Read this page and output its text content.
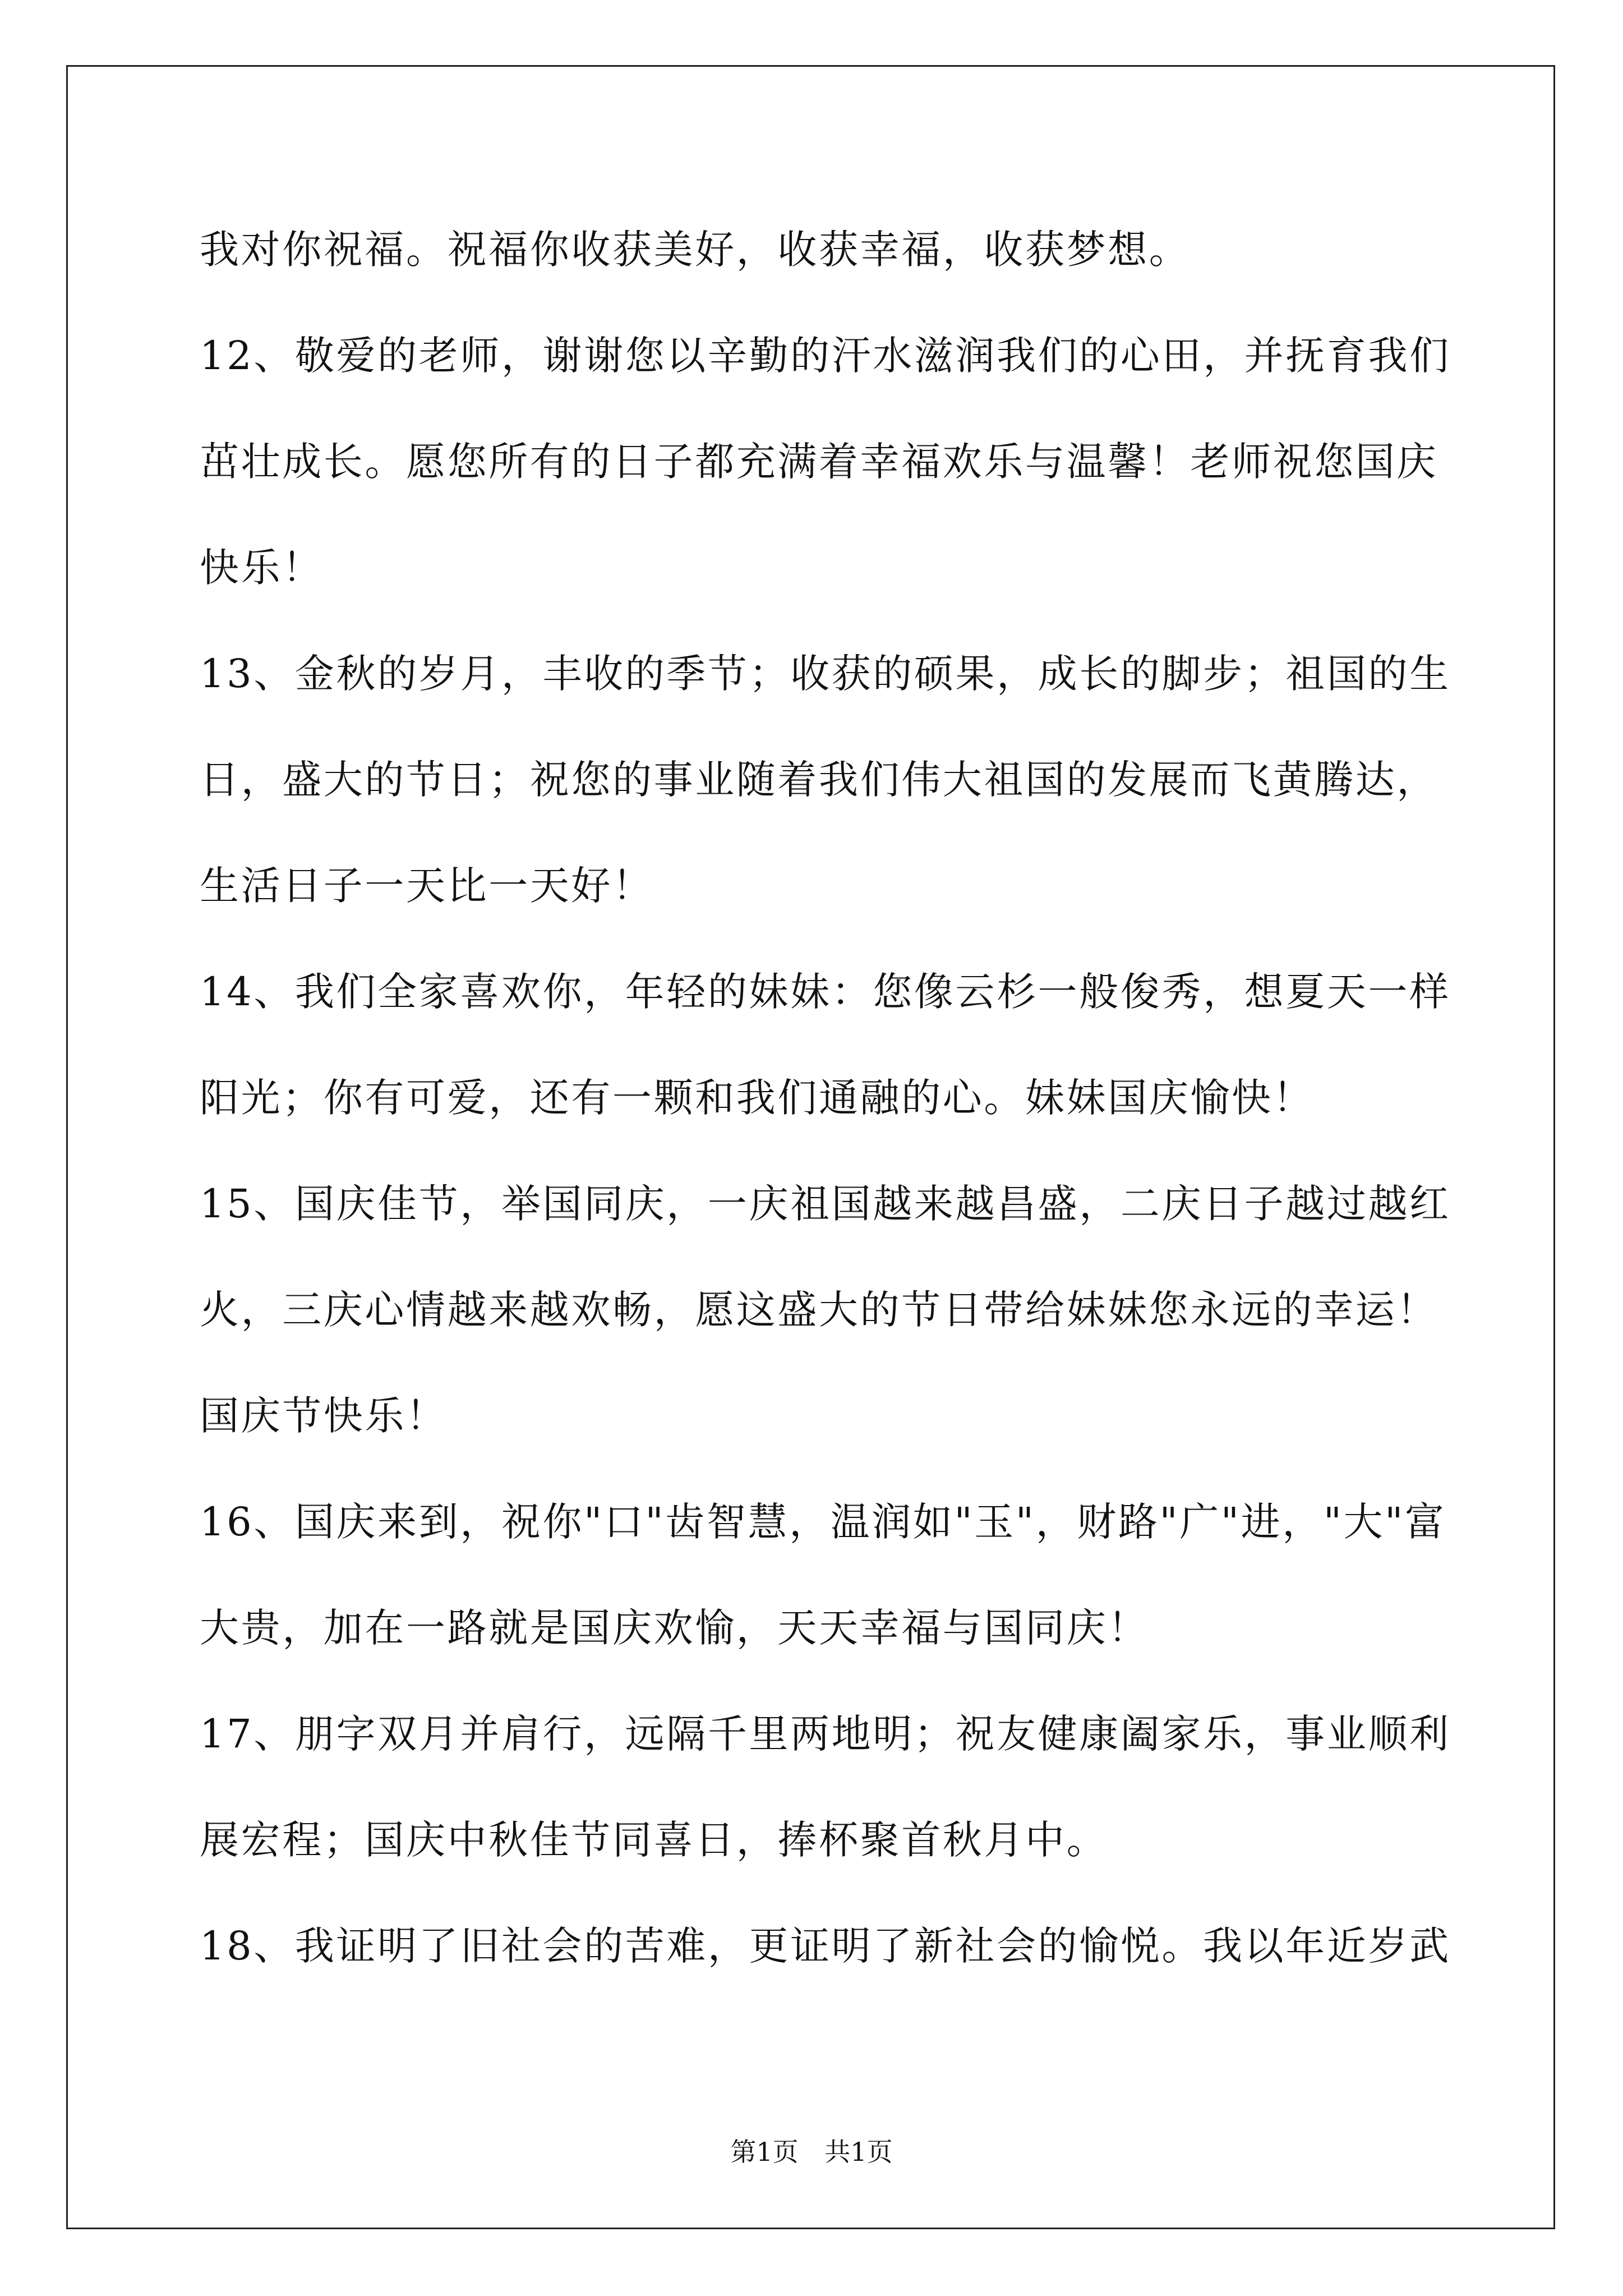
我对你祝福。祝福你收获美好，收获幸福，收获梦想。
12、敬爱的老师，谢谢您以辛勤的汗水滋润我们的心田，并抚育我们
茁壮成长。愿您所有的日子都充满着幸福欢乐与温馨！老师祝您国庆
快乐！
13、金秋的岁月，丰收的季节；收获的硕果，成长的脚步；祖国的生
日，盛大的节日；祝您的事业随着我们伟大祖国的发展而飞黄腾达，
生活日子一天比一天好！
14、我们全家喜欢你，年轻的妹妹：您像云杉一般俊秀，想夏天一样
阳光；你有可爱，还有一颗和我们通融的心。妹妹国庆愉快！
15、国庆佳节，举国同庆，一庆祖国越来越昌盛，二庆日子越过越红
火，三庆心情越来越欢畅，愿这盛大的节日带给妹妹您永远的幸运！
国庆节快乐！
16、国庆来到，祝你"口"齿智慧，温润如"玉"，财路"广"进，"大"富
大贵，加在一路就是国庆欢愉，天天幸福与国同庆！
17、朋字双月并肩行，远隔千里两地明；祝友健康阖家乐，事业顺利
展宏程；国庆中秋佳节同喜日，捧杯聚首秋月中。
18、我证明了旧社会的苦难，更证明了新社会的愉悦。我以年近岁武
第1页 共1页
